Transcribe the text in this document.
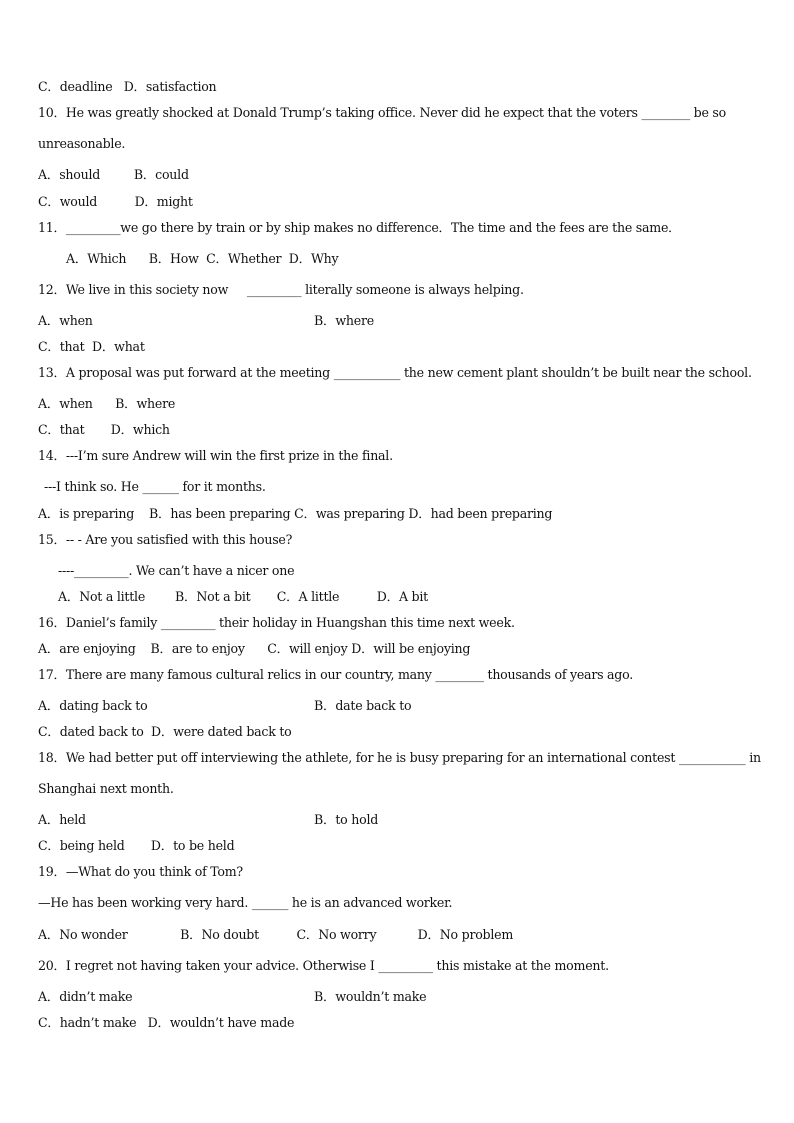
C．deadline   D．satisfaction

10．He was greatly shocked at Donald Trump’s taking office. Never did he expect that the voters ________ be so

unreasonable.

A．should         B．could

C．would          D．might

11．_________we go there by train or by ship makes no difference．The time and the fees are the same．

A．Which      B．How  C．Whether  D．Why

12．We live in this society now     _________ literally someone is always helping.

A．when	B．where

C．that  D．what

13．A proposal was put forward at the meeting ___________ the new cement plant shouldn’t be built near the school.

A．when      B．where

C．that       D．which

14．---I’m sure Andrew will win the first prize in the final.

---I think so. He ______ for it months.

A．is preparing    B．has been preparing C．was preparing D．had been preparing

15．-- - Are you satisfied with this house?

----_________. We can’t have a nicer one

A．Not a little        B．Not a bit       C．A little          D．A bit

16．Daniel’s family _________ their holiday in Huangshan this time next week.

A．are enjoying    B．are to enjoy      C．will enjoy D．will be enjoying

17．There are many famous cultural relics in our country, many ________ thousands of years ago.

A．dating back to	B．date back to

C．dated back to  D．were dated back to

18．We had better put off interviewing the athlete, for he is busy preparing for an international contest ___________ in

Shanghai next month.

A．held	B．to hold

C．being held       D．to be held

19．—What do you think of Tom?

—He has been working very hard. ______ he is an advanced worker.

A．No wonder              B．No doubt          C．No worry           D．No problem

20．I regret not having taken your advice. Otherwise I _________ this mistake at the moment.

A．didn’t make	B．wouldn’t make

C．hadn’t make   D．wouldn’t have made
